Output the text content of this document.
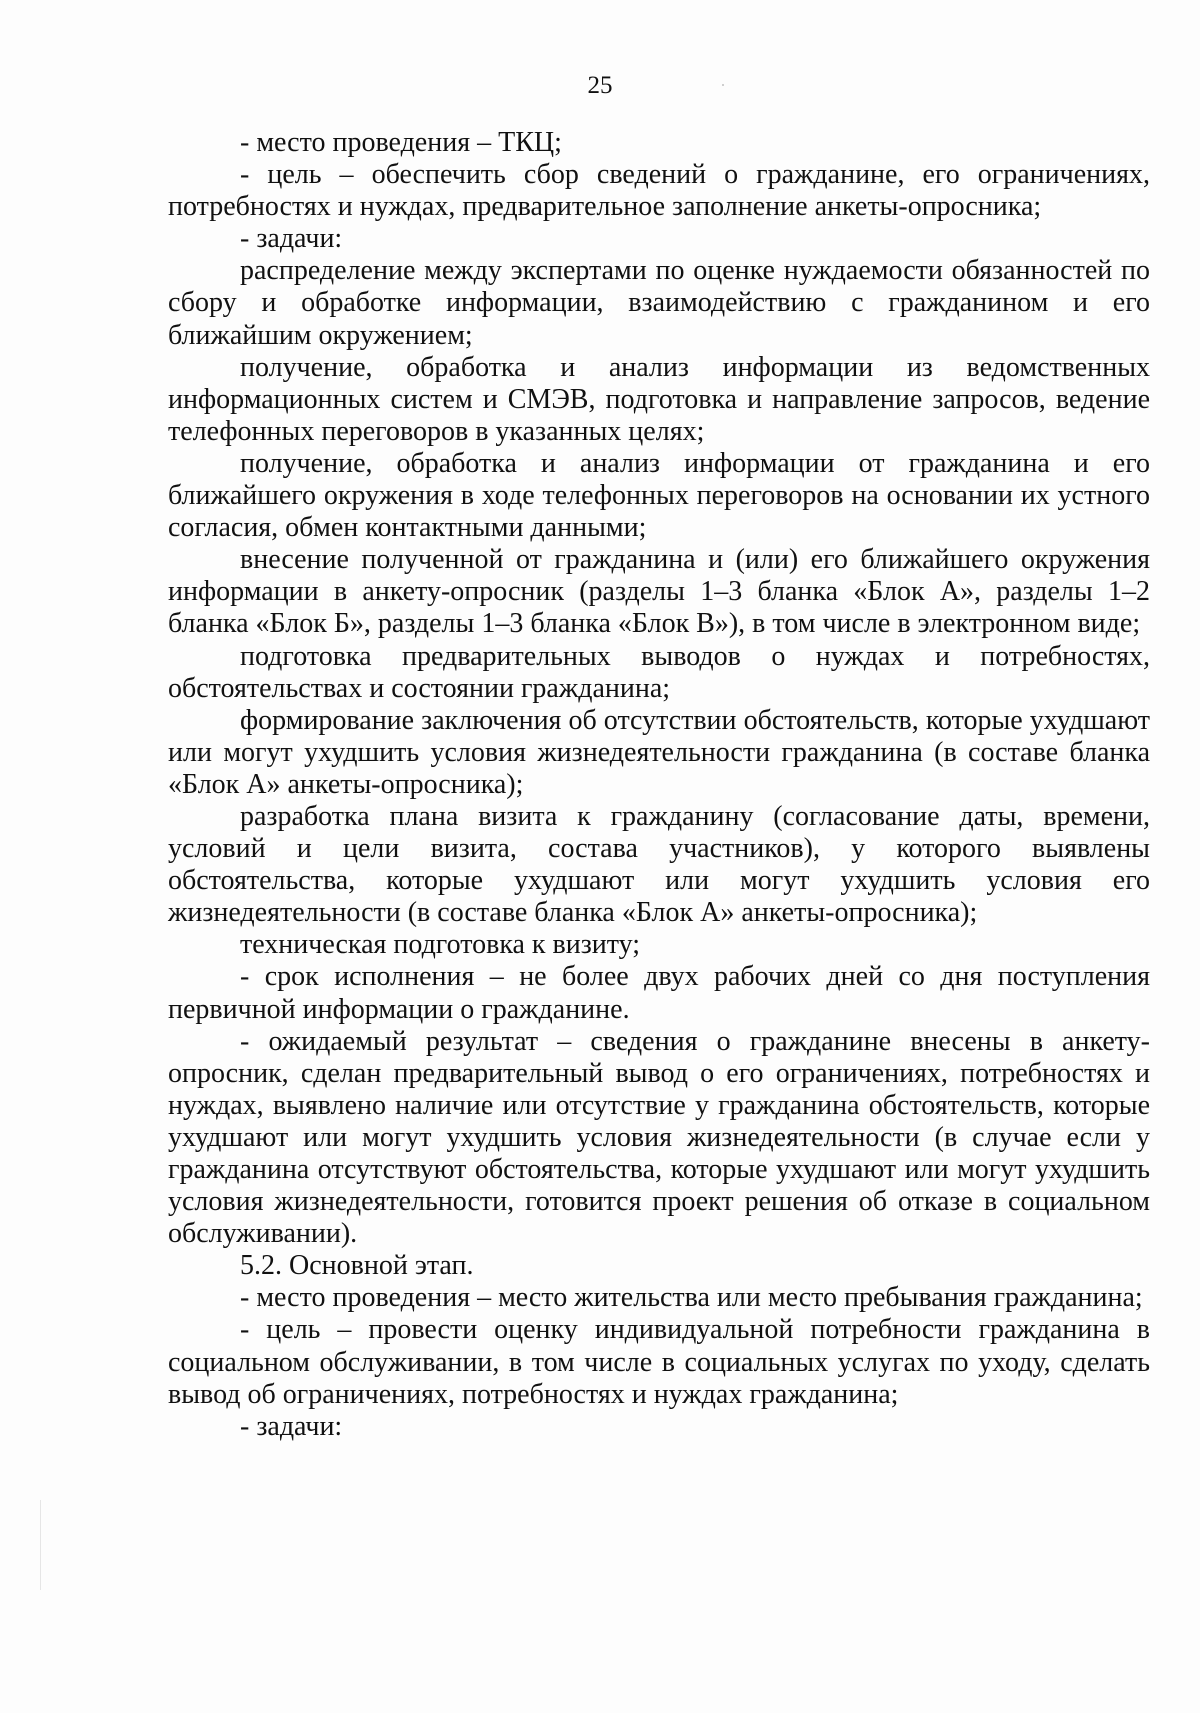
25

- место проведения – ТКЦ;

- цель – обеспечить сбор сведений о гражданине, его ограничениях, потребностях и нуждах, предварительное заполнение анкеты-опросника;

- задачи:

распределение между экспертами по оценке нуждаемости обязанностей по сбору и обработке информации, взаимодействию с гражданином и его ближайшим окружением;

получение, обработка и анализ информации из ведомственных информационных систем и СМЭВ, подготовка и направление запросов, ведение телефонных переговоров в указанных целях;

получение, обработка и анализ информации от гражданина и его ближайшего окружения в ходе телефонных переговоров на основании их устного согласия, обмен контактными данными;

внесение полученной от гражданина и (или) его ближайшего окружения информации в анкету-опросник (разделы 1–3 бланка «Блок А», разделы 1–2 бланка «Блок Б», разделы 1–3 бланка «Блок В»), в том числе в электронном виде;

подготовка предварительных выводов о нуждах и потребностях, обстоятельствах и состоянии гражданина;

формирование заключения об отсутствии обстоятельств, которые ухудшают или могут ухудшить условия жизнедеятельности гражданина (в составе бланка «Блок А» анкеты-опросника);

разработка плана визита к гражданину (согласование даты, времени, условий и цели визита, состава участников), у которого выявлены обстоятельства, которые ухудшают или могут ухудшить условия его жизнедеятельности (в составе бланка «Блок А» анкеты-опросника);

техническая подготовка к визиту;

- срок исполнения – не более двух рабочих дней со дня поступления первичной информации о гражданине.

- ожидаемый результат – сведения о гражданине внесены в анкету-опросник, сделан предварительный вывод о его ограничениях, потребностях и нуждах, выявлено наличие или отсутствие у гражданина обстоятельств, которые ухудшают или могут ухудшить условия жизнедеятельности (в случае если у гражданина отсутствуют обстоятельства, которые ухудшают или могут ухудшить условия жизнедеятельности, готовится проект решения об отказе в социальном обслуживании).

5.2. Основной этап.

- место проведения – место жительства или место пребывания гражданина;

- цель – провести оценку индивидуальной потребности гражданина в социальном обслуживании, в том числе в социальных услугах по уходу, сделать вывод об ограничениях, потребностях и нуждах гражданина;

- задачи:
